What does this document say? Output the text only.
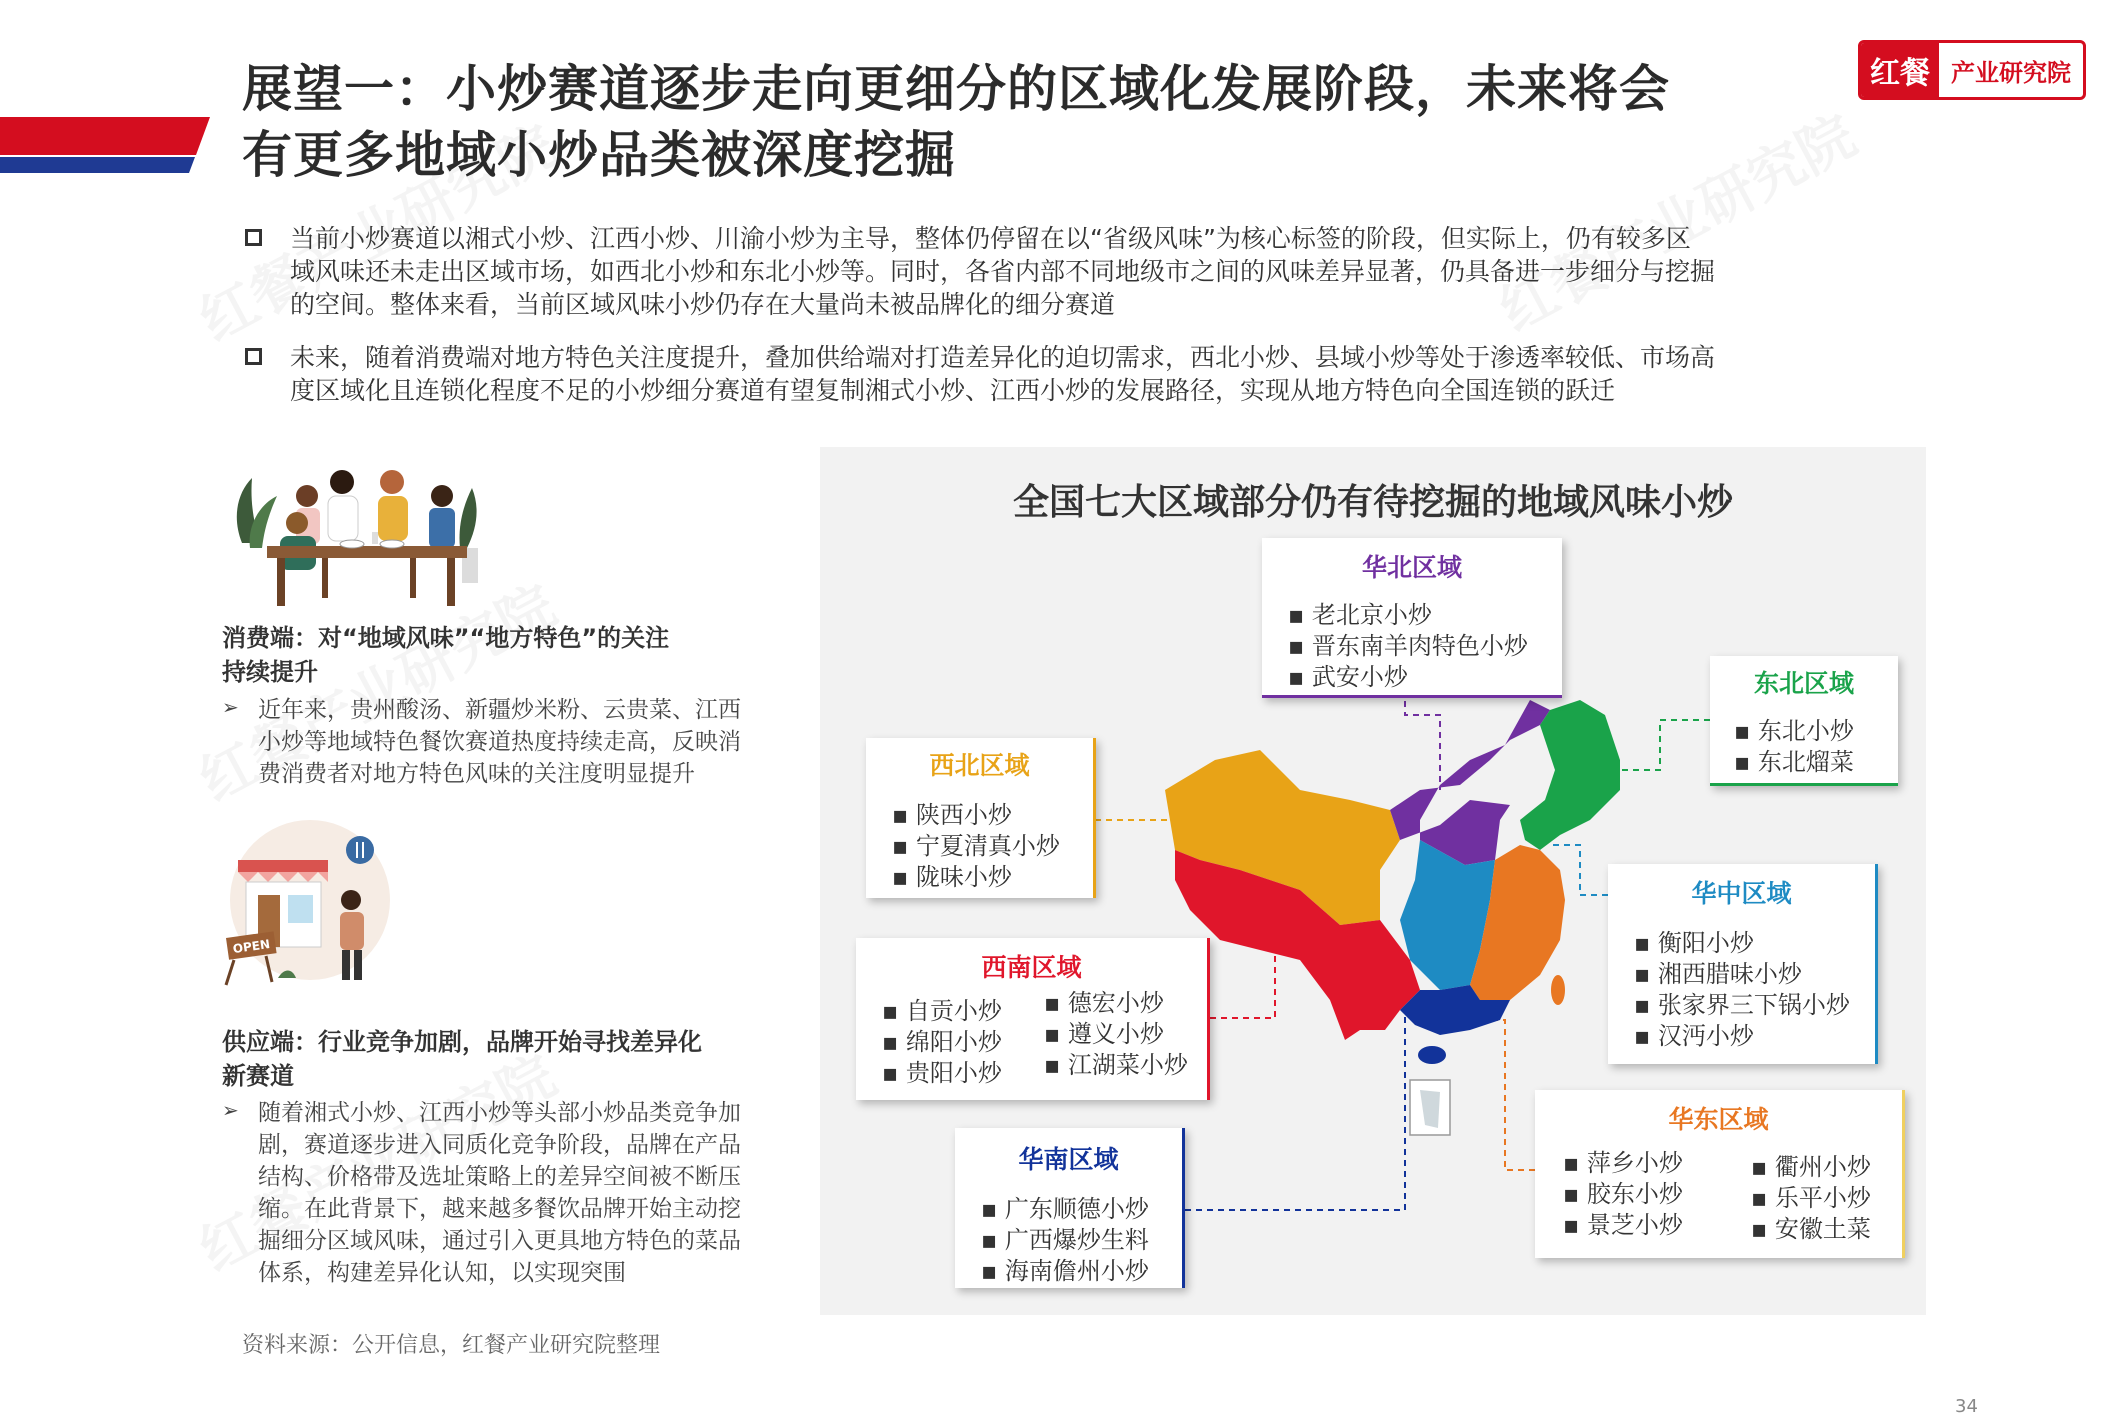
展望一：小炒赛道逐步走向更细分的区域化发展阶段，未来将会
有更多地域小炒品类被深度挖掘
红餐 产业研究院
当前小炒赛道以湘式小炒、江西小炒、川渝小炒为主导，整体仍停留在以“省级风味”为核心标签的阶段，但实际上，仍有较多区
域风味还未走出区域市场，如西北小炒和东北小炒等。同时，各省内部不同地级市之间的风味差异显著，仍具备进一步细分与挖掘
的空间。整体来看，当前区域风味小炒仍存在大量尚未被品牌化的细分赛道
未来，随着消费端对地方特色关注度提升，叠加供给端对打造差异化的迫切需求，西北小炒、县域小炒等处于渗透率较低、市场高
度区域化且连锁化程度不足的小炒细分赛道有望复制湘式小炒、江西小炒的发展路径，实现从地方特色向全国连锁的跃迁
消费端：对“地域风味”“地方特色”的关注
持续提升
➢ 近年来，贵州酸汤、新疆炒米粉、云贵菜、江西
小炒等地域特色餐饮赛道热度持续走高，反映消
费消费者对地方特色风味的关注度明显提升
OPEN
供应端：行业竞争加剧，品牌开始寻找差异化
新赛道
➢ 随着湘式小炒、江西小炒等头部小炒品类竞争加
剧，赛道逐步进入同质化竞争阶段，品牌在产品
结构、价格带及选址策略上的差异空间被不断压
缩。在此背景下，越来越多餐饮品牌开始主动挖
掘细分区域风味，通过引入更具地方特色的菜品
体系，构建差异化认知，以实现突围
全国七大区域部分仍有待挖掘的地域风味小炒
华北区域
▪ 老北京小炒
▪ 晋东南羊肉特色小炒
▪ 武安小炒	东北区域
▪ 东北小炒
▪ 东北熘菜
西北区域
▪ 陕西小炒
▪ 宁夏清真小炒
▪ 陇味小炒
华中区域
▪ 衡阳小炒
▪ 湘西腊味小炒
▪ 张家界三下锅小炒
▪ 汉沔小炒
西南区域
▪ 自贡小炒
▪ 绵阳小炒
▪ 贵阳小炒
▪ 德宏小炒
▪ 遵义小炒
▪ 江湖菜小炒
华东区域
▪ 萍乡小炒
▪ 胶东小炒
▪ 景芝小炒
▪ 衢州小炒
▪ 乐平小炒
▪ 安徽土菜
华南区域
▪ 广东顺德小炒
▪ 广西爆炒生料
▪ 海南儋州小炒
资料来源：公开信息，红餐产业研究院整理
34
